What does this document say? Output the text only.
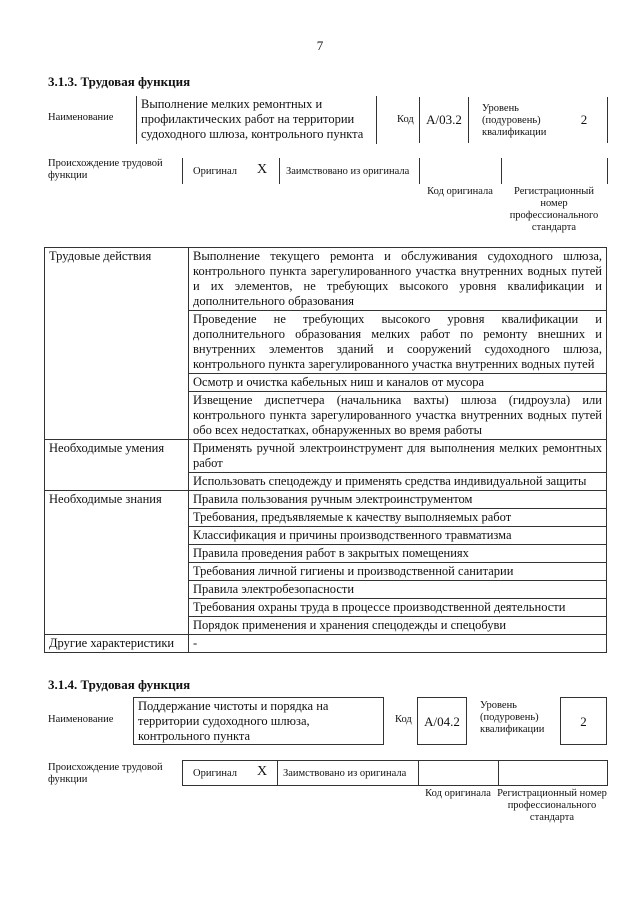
7
3.1.3. Трудовая функция
Наименование
Выполнение мелких ремонтных и профилактических работ на территории судоходного шлюза, контрольного пункта
Код A/03.2
Уровень (подуровень) квалификации
2
Происхождение трудовой функции	Оригинал	X	Заимствовано из оригинала
Код оригинала	Регистрационный номер профессионального стандарта
Трудовые действия	Выполнение текущего ремонта и обслуживания судоходного шлюза, контрольного пункта зарегулированного участка внутренних водных путей и их элементов, не требующих высокого уровня квалификации и дополнительного образования
	Проведение не требующих высокого уровня квалификации и дополнительного образования мелких работ по ремонту внешних и внутренних элементов зданий и сооружений судоходного шлюза, контрольного пункта зарегулированного участка внутренних водных путей
	Осмотр и очистка кабельных ниш и каналов от мусора
	Извещение диспетчера (начальника вахты) шлюза (гидроузла) или контрольного пункта зарегулированного участка внутренних водных путей обо всех недостатках, обнаруженных во время работы
Необходимые умения	Применять ручной электроинструмент для выполнения мелких ремонтных работ
	Использовать спецодежду и применять средства индивидуальной защиты
Необходимые знания	Правила пользования ручным электроинструментом
	Требования, предъявляемые к качеству выполняемых работ
	Классификация и причины производственного травматизма
	Правила проведения работ в закрытых помещениях
	Требования личной гигиены и производственной санитарии
	Правила электробезопасности
	Требования охраны труда в процессе производственной деятельности
	Порядок применения и хранения спецодежды и спецобуви
Другие характеристики	-
3.1.4. Трудовая функция
Наименование
Поддержание чистоты и порядка на территории судоходного шлюза, контрольного пункта
Код A/04.2
Уровень (подуровень) квалификации
2
Происхождение трудовой функции
Оригинал	X	Заимствовано из оригинала
Код оригинала Регистрационный номер профессионального стандарта
